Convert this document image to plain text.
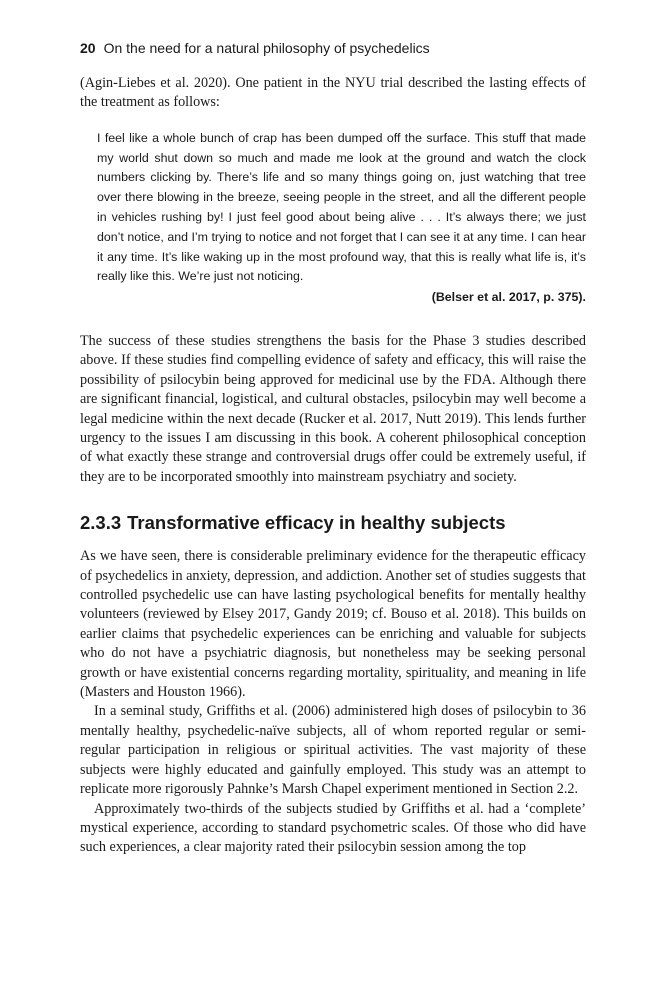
20 On the need for a natural philosophy of psychedelics

(Agin-Liebes et al. 2020). One patient in the NYU trial described the lasting effects of the treatment as follows:

I feel like a whole bunch of crap has been dumped off the surface. This stuff that made my world shut down so much and made me look at the ground and watch the clock numbers clicking by. There’s life and so many things going on, just watching that tree over there blowing in the breeze, seeing people in the street, and all the different people in vehicles rushing by! I just feel good about being alive . . . It’s always there; we just don’t notice, and I’m trying to notice and not forget that I can see it at any time. I can hear it any time. It’s like waking up in the most profound way, that this is really what life is, it’s really like this. We’re just not noticing.

(Belser et al. 2017, p. 375).

The success of these studies strengthens the basis for the Phase 3 studies described above. If these studies find compelling evidence of safety and efficacy, this will raise the possibility of psilocybin being approved for medicinal use by the FDA. Although there are significant financial, logistical, and cultural obstacles, psilocybin may well become a legal medicine within the next decade (Rucker et al. 2017, Nutt 2019). This lends further urgency to the issues I am discussing in this book. A coherent philosophical conception of what exactly these strange and controversial drugs offer could be extremely useful, if they are to be incorporated smoothly into mainstream psychiatry and society.

2.3.3 Transformative efficacy in healthy subjects

As we have seen, there is considerable preliminary evidence for the therapeutic efficacy of psychedelics in anxiety, depression, and addiction. Another set of studies suggests that controlled psychedelic use can have lasting psychological benefits for mentally healthy volunteers (reviewed by Elsey 2017, Gandy 2019; cf. Bouso et al. 2018). This builds on earlier claims that psychedelic experiences can be enriching and valuable for subjects who do not have a psychiatric diagnosis, but nonetheless may be seeking personal growth or have existential concerns regarding mortality, spirituality, and meaning in life (Masters and Houston 1966).

In a seminal study, Griffiths et al. (2006) administered high doses of psilocybin to 36 mentally healthy, psychedelic-naïve subjects, all of whom reported regular or semi-regular participation in religious or spiritual activities. The vast majority of these subjects were highly educated and gainfully employed. This study was an attempt to replicate more rigorously Pahnke’s Marsh Chapel experiment mentioned in Section 2.2.

Approximately two-thirds of the subjects studied by Griffiths et al. had a ‘complete’ mystical experience, according to standard psychometric scales. Of those who did have such experiences, a clear majority rated their psilocybin session among the top
